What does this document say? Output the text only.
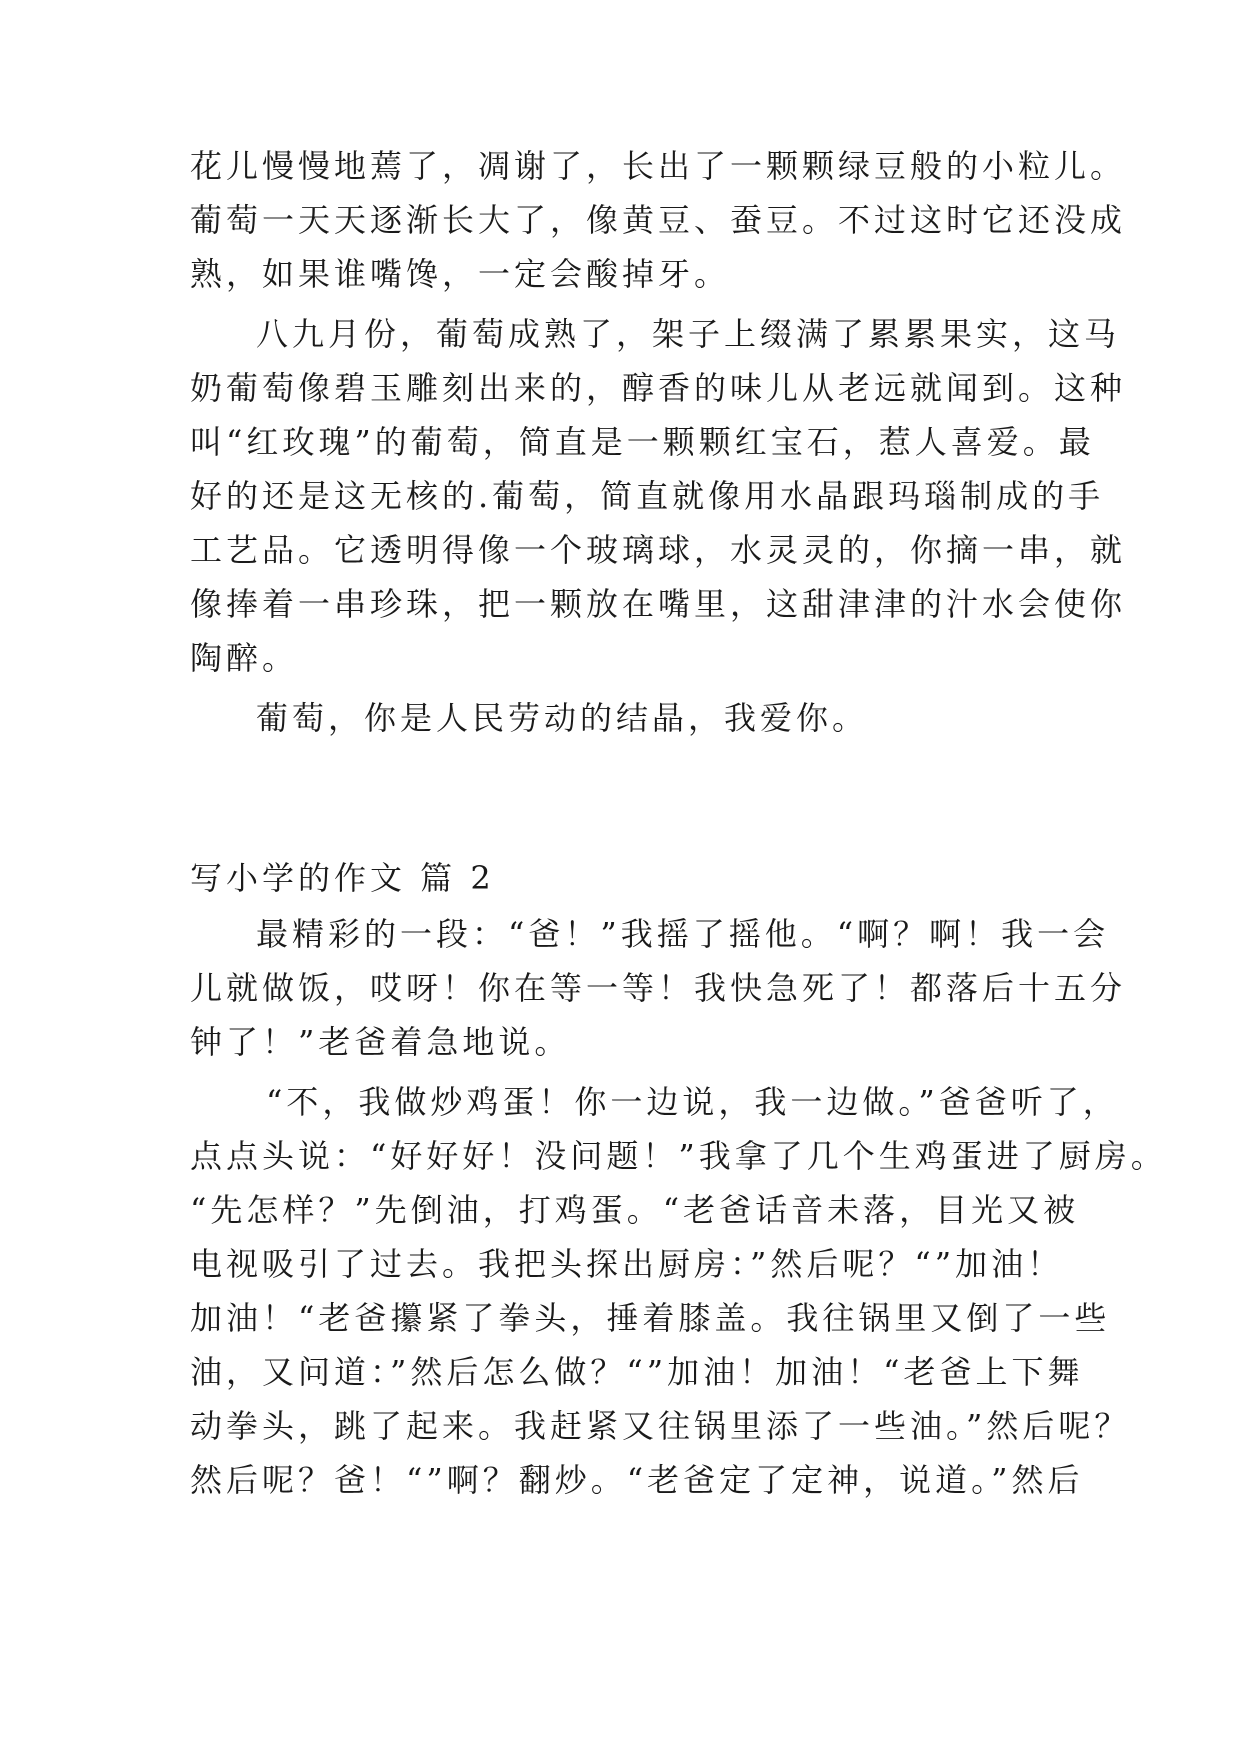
花儿慢慢地蔫了，凋谢了，长出了一颗颗绿豆般的小粒儿。
葡萄一天天逐渐长大了，像黄豆、蚕豆。不过这时它还没成
熟，如果谁嘴馋，一定会酸掉牙。
八九月份，葡萄成熟了，架子上缀满了累累果实，这马
奶葡萄像碧玉雕刻出来的，醇香的味儿从老远就闻到。这种
叫“红玫瑰”的葡萄，简直是一颗颗红宝石，惹人喜爱。最
好的还是这无核的.葡萄，简直就像用水晶跟玛瑙制成的手
工艺品。它透明得像一个玻璃球，水灵灵的，你摘一串，就
像捧着一串珍珠，把一颗放在嘴里，这甜津津的汁水会使你
陶醉。
葡萄，你是人民劳动的结晶，我爱你。
写小学的作文 篇 2
最精彩的一段：“爸！”我摇了摇他。“啊？啊！我一会
儿就做饭，哎呀！你在等一等！我快急死了！都落后十五分
钟了！”老爸着急地说。
“不，我做炒鸡蛋！你一边说，我一边做。”爸爸听了，
点点头说：“好好好！没问题！”我拿了几个生鸡蛋进了厨房。
“先怎样？”先倒油，打鸡蛋。“老爸话音未落，目光又被
电视吸引了过去。我把头探出厨房：”然后呢？“”加油！
加油！“老爸攥紧了拳头，捶着膝盖。我往锅里又倒了一些
油，又问道：”然后怎么做？“”加油！加油！“老爸上下舞
动拳头，跳了起来。我赶紧又往锅里添了一些油。”然后呢？
然后呢？爸！“”啊？翻炒。“老爸定了定神，说道。”然后
